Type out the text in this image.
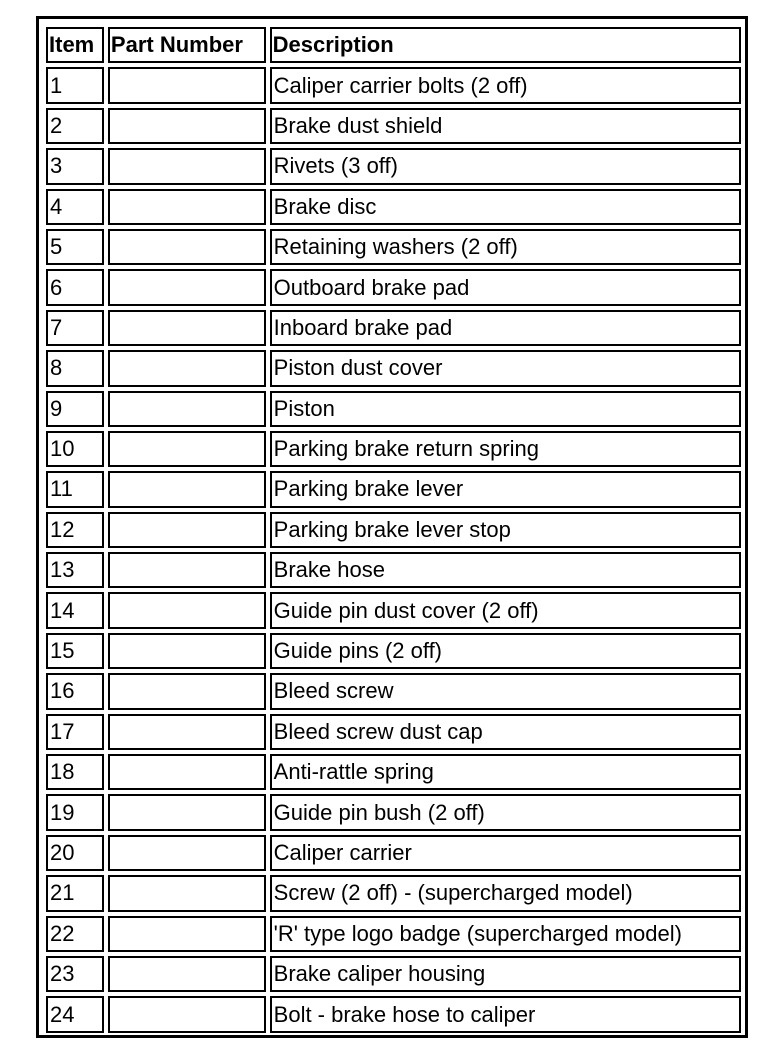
Item	Part Number	Description
1		Caliper carrier bolts (2 off)
2		Brake dust shield
3		Rivets (3 off)
4		Brake disc
5		Retaining washers (2 off)
6		Outboard brake pad
7		Inboard brake pad
8		Piston dust cover
9		Piston
10		Parking brake return spring
11		Parking brake lever
12		Parking brake lever stop
13		Brake hose
14		Guide pin dust cover (2 off)
15		Guide pins (2 off)
16		Bleed screw
17		Bleed screw dust cap
18		Anti-rattle spring
19		Guide pin bush (2 off)
20		Caliper carrier
21		Screw (2 off) - (supercharged model)
22		'R' type logo badge (supercharged model)
23		Brake caliper housing
24		Bolt - brake hose to caliper
